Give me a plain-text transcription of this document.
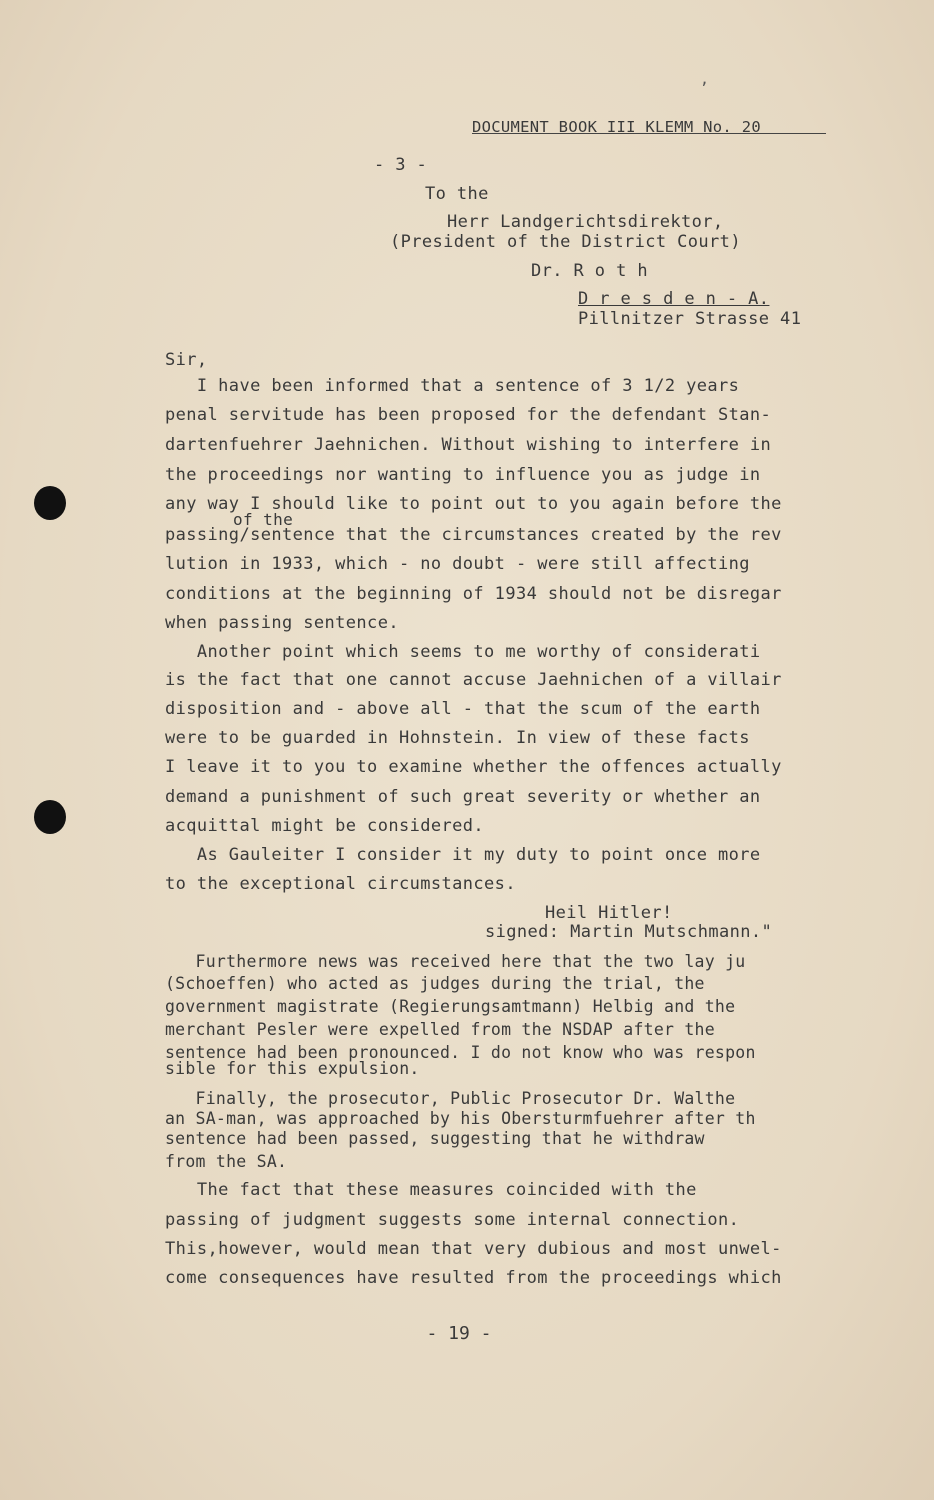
,
DOCUMENT BOOK III KLEMM No. 20
- 3 -
To the
Herr Landgerichtsdirektor,
(President of the District Court)
Dr. R o t h
D r e s d e n - A.
Pillnitzer Strasse 41
Sir,
I have been informed that a sentence of 3 1/2 years
penal servitude has been proposed for the defendant Stan-
dartenfuehrer Jaehnichen. Without wishing to interfere in
the proceedings nor wanting to influence you as judge in
any way I should like to point out to you again before the
of the
passing/sentence that the circumstances created by the rev
lution in 1933, which - no doubt - were still affecting
conditions at the beginning of 1934 should not be disregar
when passing sentence.
Another point which seems to me worthy of considerati
is the fact that one cannot accuse Jaehnichen of a villair
disposition and - above all - that the scum of the earth
were to be guarded in Hohnstein. In view of these facts
I leave it to you to examine whether the offences actually
demand a punishment of such great severity or whether an
acquittal might be considered.
As Gauleiter I consider it my duty to point once more
to the exceptional circumstances.
Heil Hitler!
signed: Martin Mutschmann."
Furthermore news was received here that the two lay ju
(Schoeffen) who acted as judges during the trial, the
government magistrate (Regierungsamtmann) Helbig and the
merchant Pesler were expelled from the NSDAP after the
sentence had been pronounced. I do not know who was respon
sible for this expulsion.
Finally, the prosecutor, Public Prosecutor Dr. Walthe
an SA-man, was approached by his Obersturmfuehrer after th
sentence had been passed, suggesting that he withdraw
from the SA.
The fact that these measures coincided with the
passing of judgment suggests some internal connection.
This,however, would mean that very dubious and most unwel-
come consequences have resulted from the proceedings which
- 19 -
